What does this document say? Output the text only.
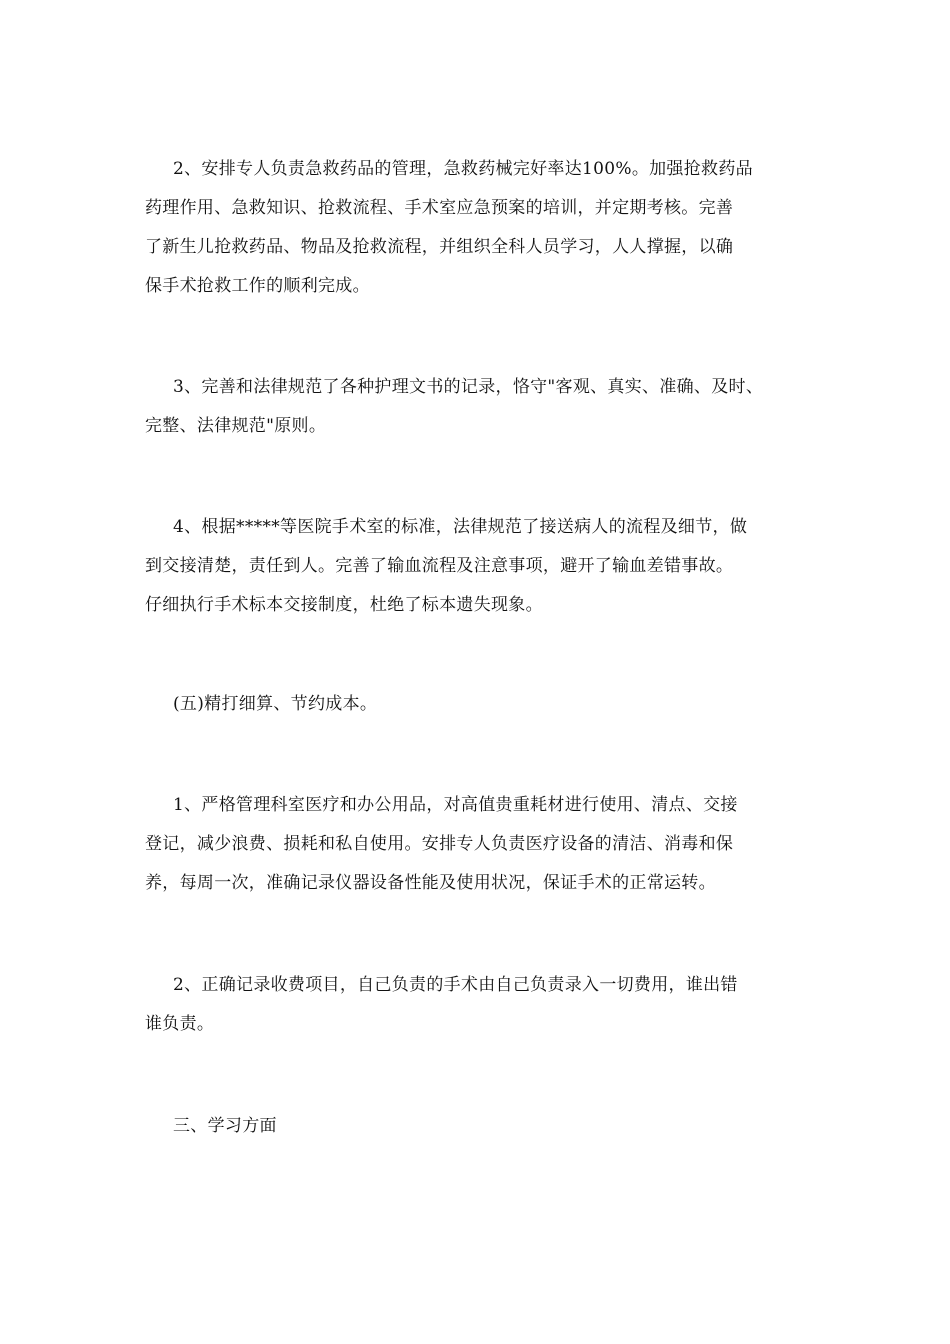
2、安排专人负责急救药品的管理，急救药械完好率达100%。加强抢救药品
药理作用、急救知识、抢救流程、手术室应急预案的培训，并定期考核。完善
了新生儿抢救药品、物品及抢救流程，并组织全科人员学习，人人撑握，以确
保手术抢救工作的顺利完成。
3、完善和法律规范了各种护理文书的记录，恪守"客观、真实、准确、及时、
完整、法律规范"原则。
4、根据*****等医院手术室的标准，法律规范了接送病人的流程及细节，做
到交接清楚，责任到人。完善了输血流程及注意事项，避开了输血差错事故。
仔细执行手术标本交接制度，杜绝了标本遗失现象。
(五)精打细算、节约成本。
1、严格管理科室医疗和办公用品，对高值贵重耗材进行使用、清点、交接
登记，减少浪费、损耗和私自使用。安排专人负责医疗设备的清洁、消毒和保
养，每周一次，准确记录仪器设备性能及使用状况，保证手术的正常运转。
2、正确记录收费项目，自己负责的手术由自己负责录入一切费用，谁出错
谁负责。
三、学习方面
